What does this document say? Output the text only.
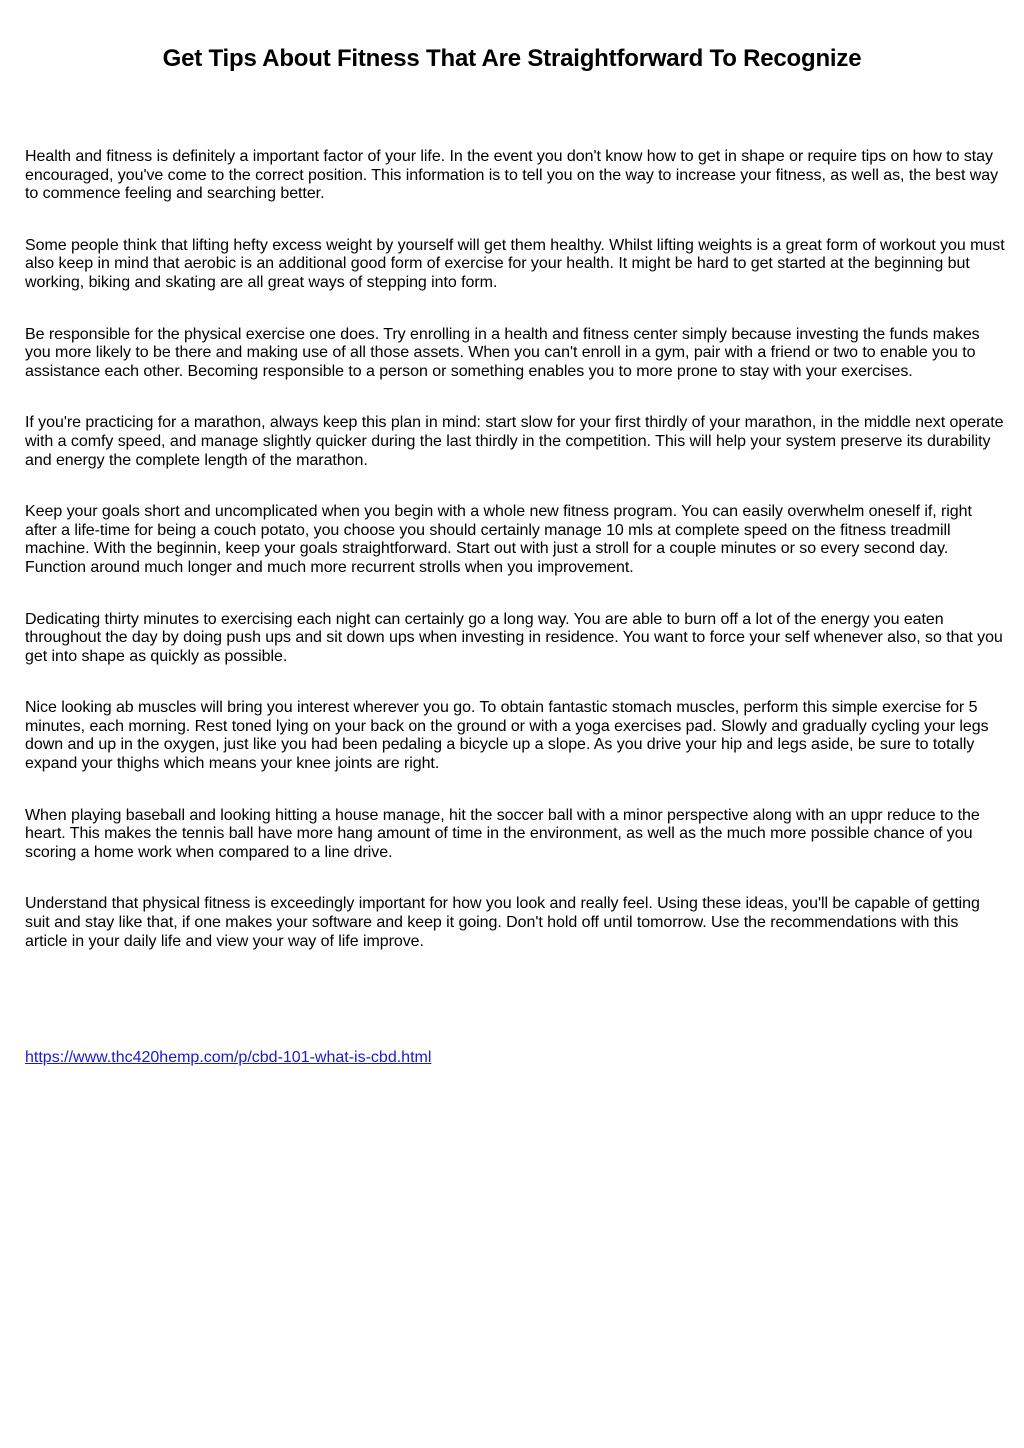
Get Tips About Fitness That Are Straightforward To Recognize

Health and fitness is definitely a important factor of your life. In the event you don't know how to get in shape or require tips on how to stay encouraged, you've come to the correct position. This information is to tell you on the way to increase your fitness, as well as, the best way to commence feeling and searching better.

Some people think that lifting hefty excess weight by yourself will get them healthy. Whilst lifting weights is a great form of workout you must also keep in mind that aerobic is an additional good form of exercise for your health. It might be hard to get started at the beginning but working, biking and skating are all great ways of stepping into form.

Be responsible for the physical exercise one does. Try enrolling in a health and fitness center simply because investing the funds makes you more likely to be there and making use of all those assets. When you can't enroll in a gym, pair with a friend or two to enable you to assistance each other. Becoming responsible to a person or something enables you to more prone to stay with your exercises.

If you're practicing for a marathon, always keep this plan in mind: start slow for your first thirdly of your marathon, in the middle next operate with a comfy speed, and manage slightly quicker during the last thirdly in the competition. This will help your system preserve its durability and energy the complete length of the marathon.

Keep your goals short and uncomplicated when you begin with a whole new fitness program. You can easily overwhelm oneself if, right after a life-time for being a couch potato, you choose you should certainly manage 10 mls at complete speed on the fitness treadmill machine. With the beginnin, keep your goals straightforward. Start out with just a stroll for a couple minutes or so every second day. Function around much longer and much more recurrent strolls when you improvement.

Dedicating thirty minutes to exercising each night can certainly go a long way. You are able to burn off a lot of the energy you eaten throughout the day by doing push ups and sit down ups when investing in residence. You want to force your self whenever also, so that you get into shape as quickly as possible.

Nice looking ab muscles will bring you interest wherever you go. To obtain fantastic stomach muscles, perform this simple exercise for 5 minutes, each morning. Rest toned lying on your back on the ground or with a yoga exercises pad. Slowly and gradually cycling your legs down and up in the oxygen, just like you had been pedaling a bicycle up a slope. As you drive your hip and legs aside, be sure to totally expand your thighs which means your knee joints are right.

When playing baseball and looking hitting a house manage, hit the soccer ball with a minor perspective along with an uppr reduce to the heart. This makes the tennis ball have more hang amount of time in the environment, as well as the much more possible chance of you scoring a home work when compared to a line drive.

Understand that physical fitness is exceedingly important for how you look and really feel. Using these ideas, you'll be capable of getting suit and stay like that, if one makes your software and keep it going. Don't hold off until tomorrow. Use the recommendations with this article in your daily life and view your way of life improve.

https://www.thc420hemp.com/p/cbd-101-what-is-cbd.html
